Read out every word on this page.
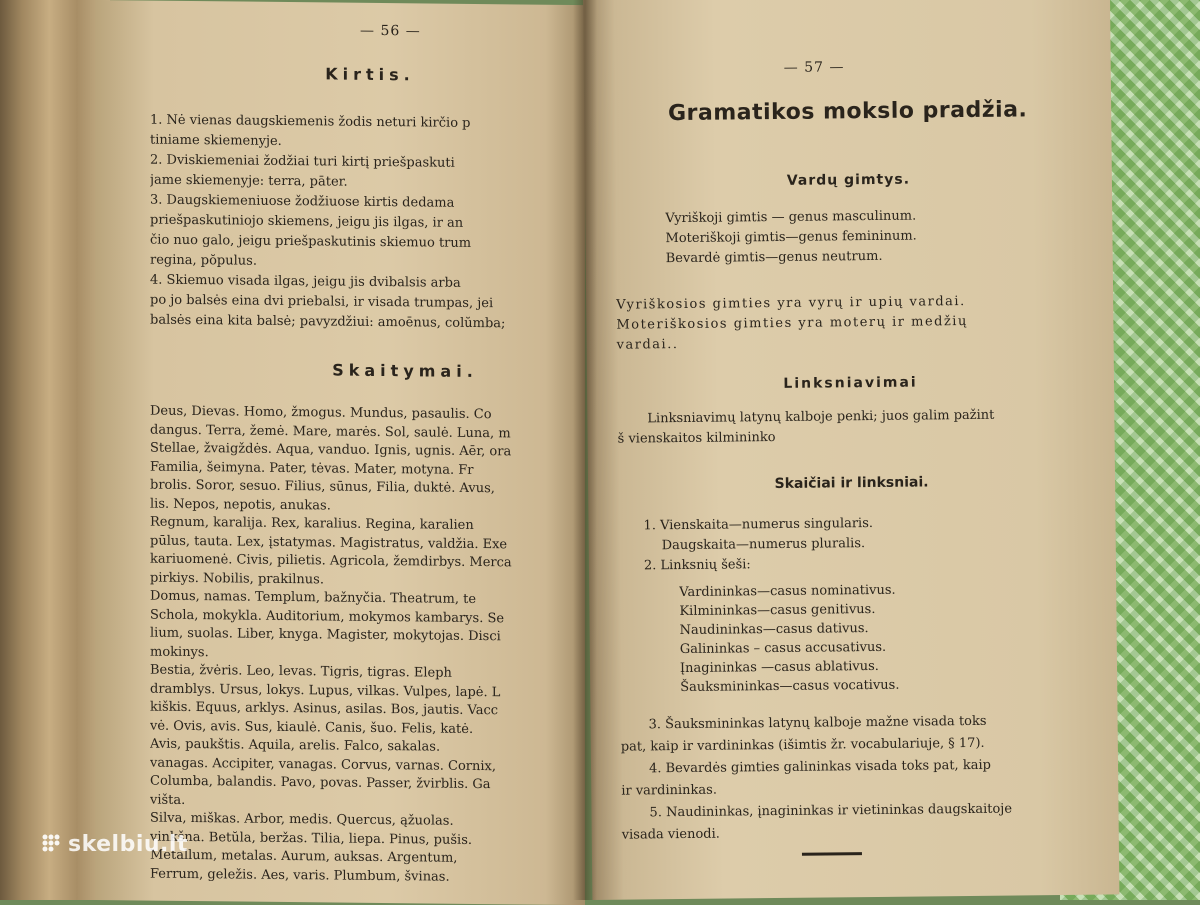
— 56 —
Kirtis.
1. Nė vienas daugskiemenis žodis neturi kirčio p
tiniame skiemenyje.
2. Dviskiemeniai žodžiai turi kirtį priešpaskuti
jame skiemenyje: terra, pāter.
3. Daugskiemeniuose žodžiuose kirtis dedama
priešpaskutiniojo skiemens, jeigu jis ilgas, ir an
čio nuo galo, jeigu priešpaskutinis skiemuo trum
regina, pŏpulus.
4. Skiemuo visada ilgas, jeigu jis dvibalsis arba
po jo balsės eina dvi priebalsi, ir visada trumpas, jei
balsės eina kita balsė; pavyzdžiui: amoēnus, colŭmba;
Skaitymai.
Deus, Dievas. Homo, žmogus. Mundus, pasaulis. Co
dangus. Terra, žemė. Mare, marės. Sol, saulė. Luna, m
Stellae, žvaigždės. Aqua, vanduo. Ignis, ugnis. Aēr, ora
Familia, šeimyna. Pater, tėvas. Mater, motyna. Fr
brolis. Soror, sesuo. Filius, sūnus, Filia, duktė. Avus,
lis. Nepos, nepotis, anukas.
Regnum, karalija. Rex, karalius. Regina, karalien
pūlus, tauta. Lex, įstatymas. Magistratus, valdžia. Exe
kariuomenė. Civis, pilietis. Agricola, žemdirbys. Merca
pirkiys. Nobilis, prakilnus.
Domus, namas. Templum, bažnyčia. Theatrum, te
Schola, mokykla. Auditorium, mokymos kambarys. Se
lium, suolas. Liber, knyga. Magister, mokytojas. Disci
mokinys.
Bestia, žvėris. Leo, levas. Tigris, tigras. Eleph
dramblys. Ursus, lokys. Lupus, vilkas. Vulpes, lapė. L
kiškis. Equus, arklys. Asinus, asilas. Bos, jautis. Vacc
vė. Ovis, avis. Sus, kiaulė. Canis, šuo. Felis, katė.
Avis, paukštis. Aquila, arelis. Falco, sakalas.
vanagas. Accipiter, vanagas. Corvus, varnas. Cornix,
Columba, balandis. Pavo, povas. Passer, žvirblis. Ga
višta.
Silva, miškas. Arbor, medis. Quercus, ąžuolas.
vinkšna. Betŭla, beržas. Tilia, liepa. Pinus, pušis.
Metallum, metalas. Aurum, auksas. Argentum,
Ferrum, geležis. Aes, varis. Plumbum, švinas.
— 57 —
Gramatikos mokslo pradžia.
Vardų gimtys.
Vyriškoji gimtis — genus masculinum.
Moteriškoji gimtis—genus femininum.
Bevardė gimtis—genus neutrum.
Vyriškosios gimties yra vyrų ir upių vardai.
Moteriškosios gimties yra moterų ir medžių
vardai..
Linksniavimai
Linksniavimų latynų kalboje penki; juos galim pažint
š vienskaitos kilmininko
Skaičiai ir linksniai.
1. Vienskaita—numerus singularis.
Daugskaita—numerus pluralis.
2. Linksnių šeši:
Vardininkas—casus nominativus.
Kilmininkas—casus genitivus.
Naudininkas—casus dativus.
Galininkas – casus accusativus.
Įnagininkas —casus ablativus.
Šauksmininkas—casus vocativus.
3. Šauksmininkas latynų kalboje mažne visada toks
pat, kaip ir vardininkas (išimtis žr. vocabulariuje, § 17).
4. Bevardės gimties galininkas visada toks pat, kaip
ir vardininkas.
5. Naudininkas, įnagininkas ir vietininkas daugskaitoje
visada vienodi.
skelbiu.lt
